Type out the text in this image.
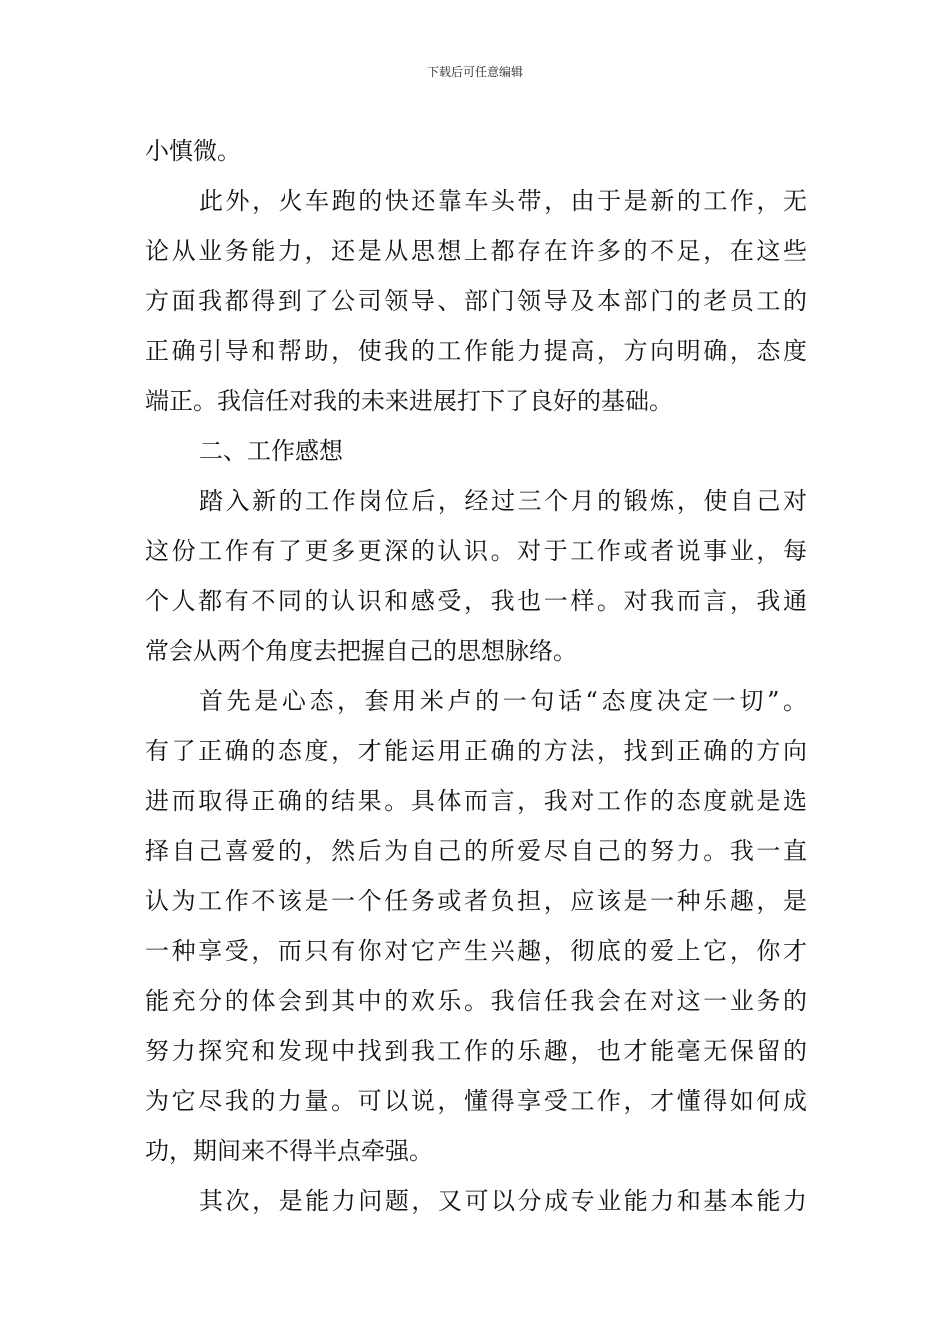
下载后可任意编辑
小慎微。
此外，火车跑的快还靠车头带，由于是新的工作，无
论从业务能力，还是从思想上都存在许多的不足，在这些
方面我都得到了公司领导、部门领导及本部门的老员工的
正确引导和帮助，使我的工作能力提高，方向明确，态度
端正。我信任对我的未来进展打下了良好的基础。
二、工作感想
踏入新的工作岗位后，经过三个月的锻炼，使自己对
这份工作有了更多更深的认识。对于工作或者说事业，每
个人都有不同的认识和感受，我也一样。对我而言，我通
常会从两个角度去把握自己的思想脉络。
首先是心态，套用米卢的一句话“态度决定一切”。
有了正确的态度，才能运用正确的方法，找到正确的方向
进而取得正确的结果。具体而言，我对工作的态度就是选
择自己喜爱的，然后为自己的所爱尽自己的努力。我一直
认为工作不该是一个任务或者负担，应该是一种乐趣，是
一种享受，而只有你对它产生兴趣，彻底的爱上它，你才
能充分的体会到其中的欢乐。我信任我会在对这一业务的
努力探究和发现中找到我工作的乐趣，也才能毫无保留的
为它尽我的力量。可以说，懂得享受工作，才懂得如何成
功，期间来不得半点牵强。
其次，是能力问题，又可以分成专业能力和基本能力
